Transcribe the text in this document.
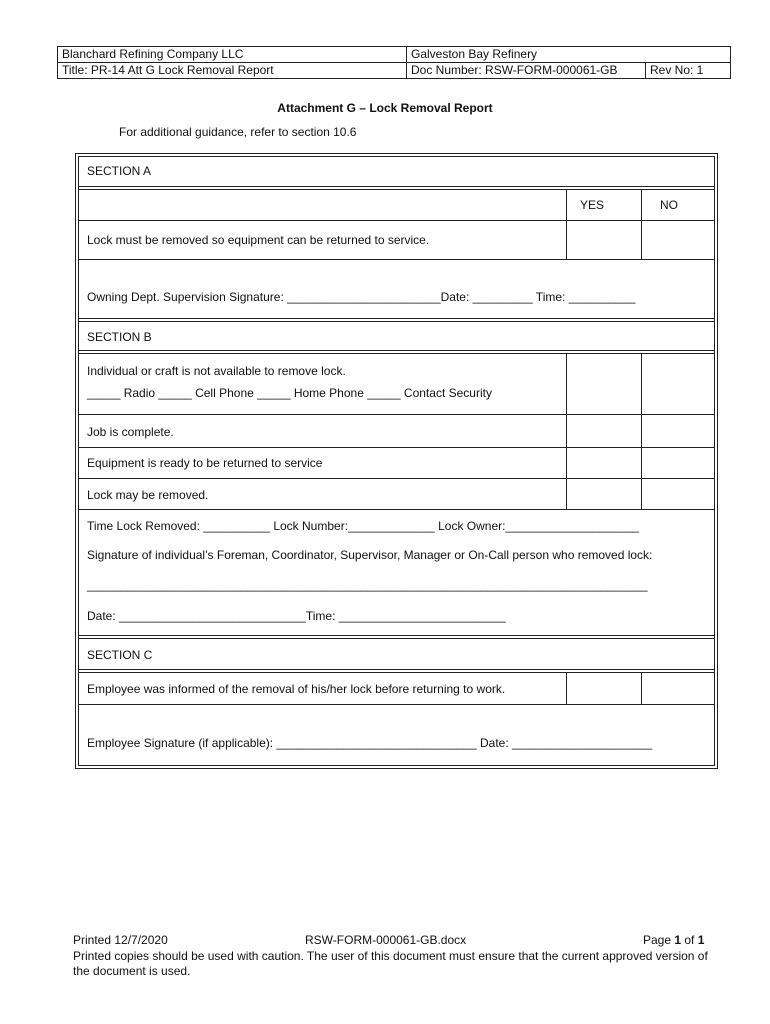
Blanchard Refining Company LLC	Galveston Bay Refinery	
Title: PR-14 Att G Lock Removal Report	Doc Number: RSW-FORM-000061-GB	Rev No: 1
Attachment G – Lock Removal Report
For additional guidance, refer to section 10.6
SECTION A
YES	NO
Lock must be removed so equipment can be returned to service.
Owning Dept. Supervision Signature: _______________________Date: _________ Time: __________
SECTION B
Individual or craft is not available to remove lock.
_____ Radio _____ Cell Phone _____ Home Phone _____ Contact Security
Job is complete.
Equipment is ready to be returned to service
Lock may be removed.
Time Lock Removed: __________ Lock Number:_____________ Lock Owner:____________________
Signature of individual’s Foreman, Coordinator, Supervisor, Manager or On-Call person who removed lock:
____________________________________________________________________________________
Date: ____________________________Time: _________________________
SECTION C
Employee was informed of the removal of his/her lock before returning to work.
Employee Signature (if applicable): ______________________________ Date: _____________________
Printed 12/7/2020	RSW-FORM-000061-GB.docx	Page 1 of 1
Printed copies should be used with caution. The user of this document must ensure that the current approved version of
the document is used.
